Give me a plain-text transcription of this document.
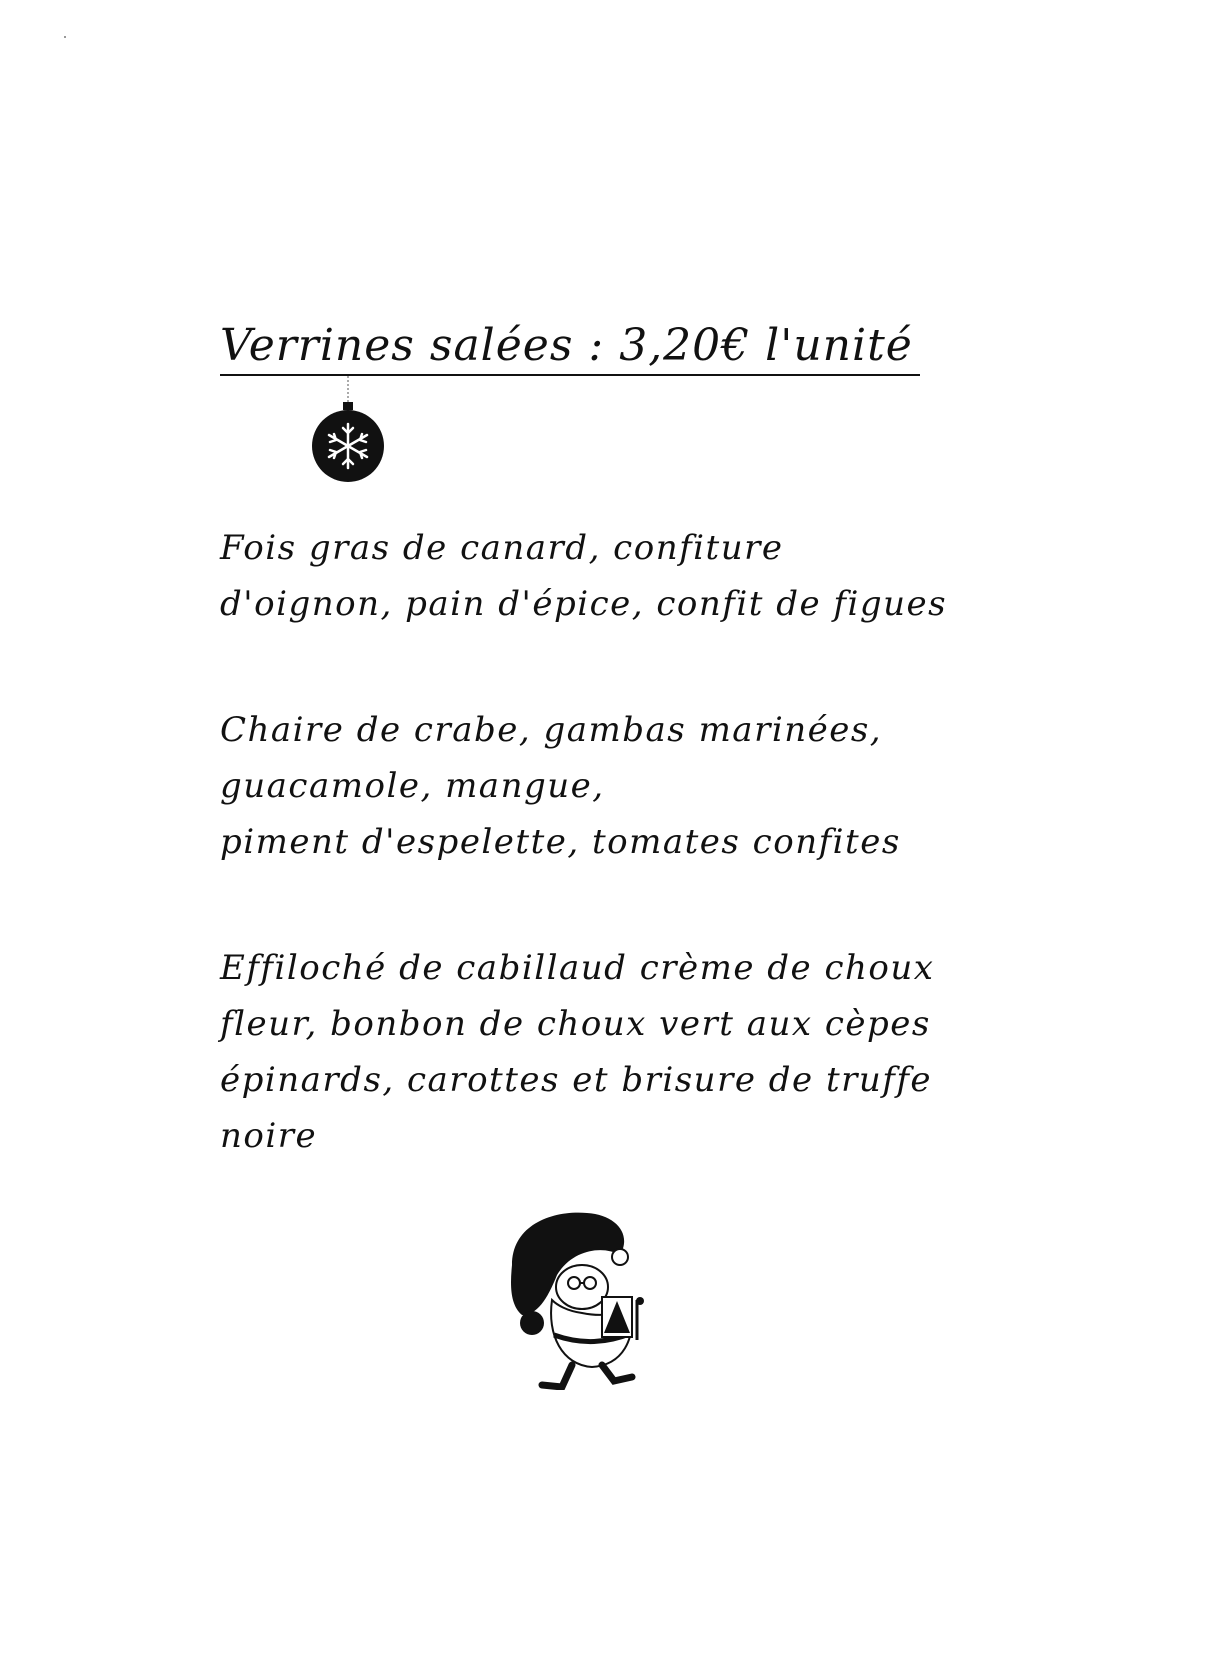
Verrines salées : 3,20€ l'unité
Fois gras de canard, confiture
d'oignon, pain d'épice, confit de figues
Chaire de crabe, gambas marinées,
guacamole, mangue,
piment d'espelette, tomates confites
Effiloché de cabillaud crème de choux
fleur, bonbon de choux vert aux cèpes
épinards, carottes et brisure de truffe
noire
